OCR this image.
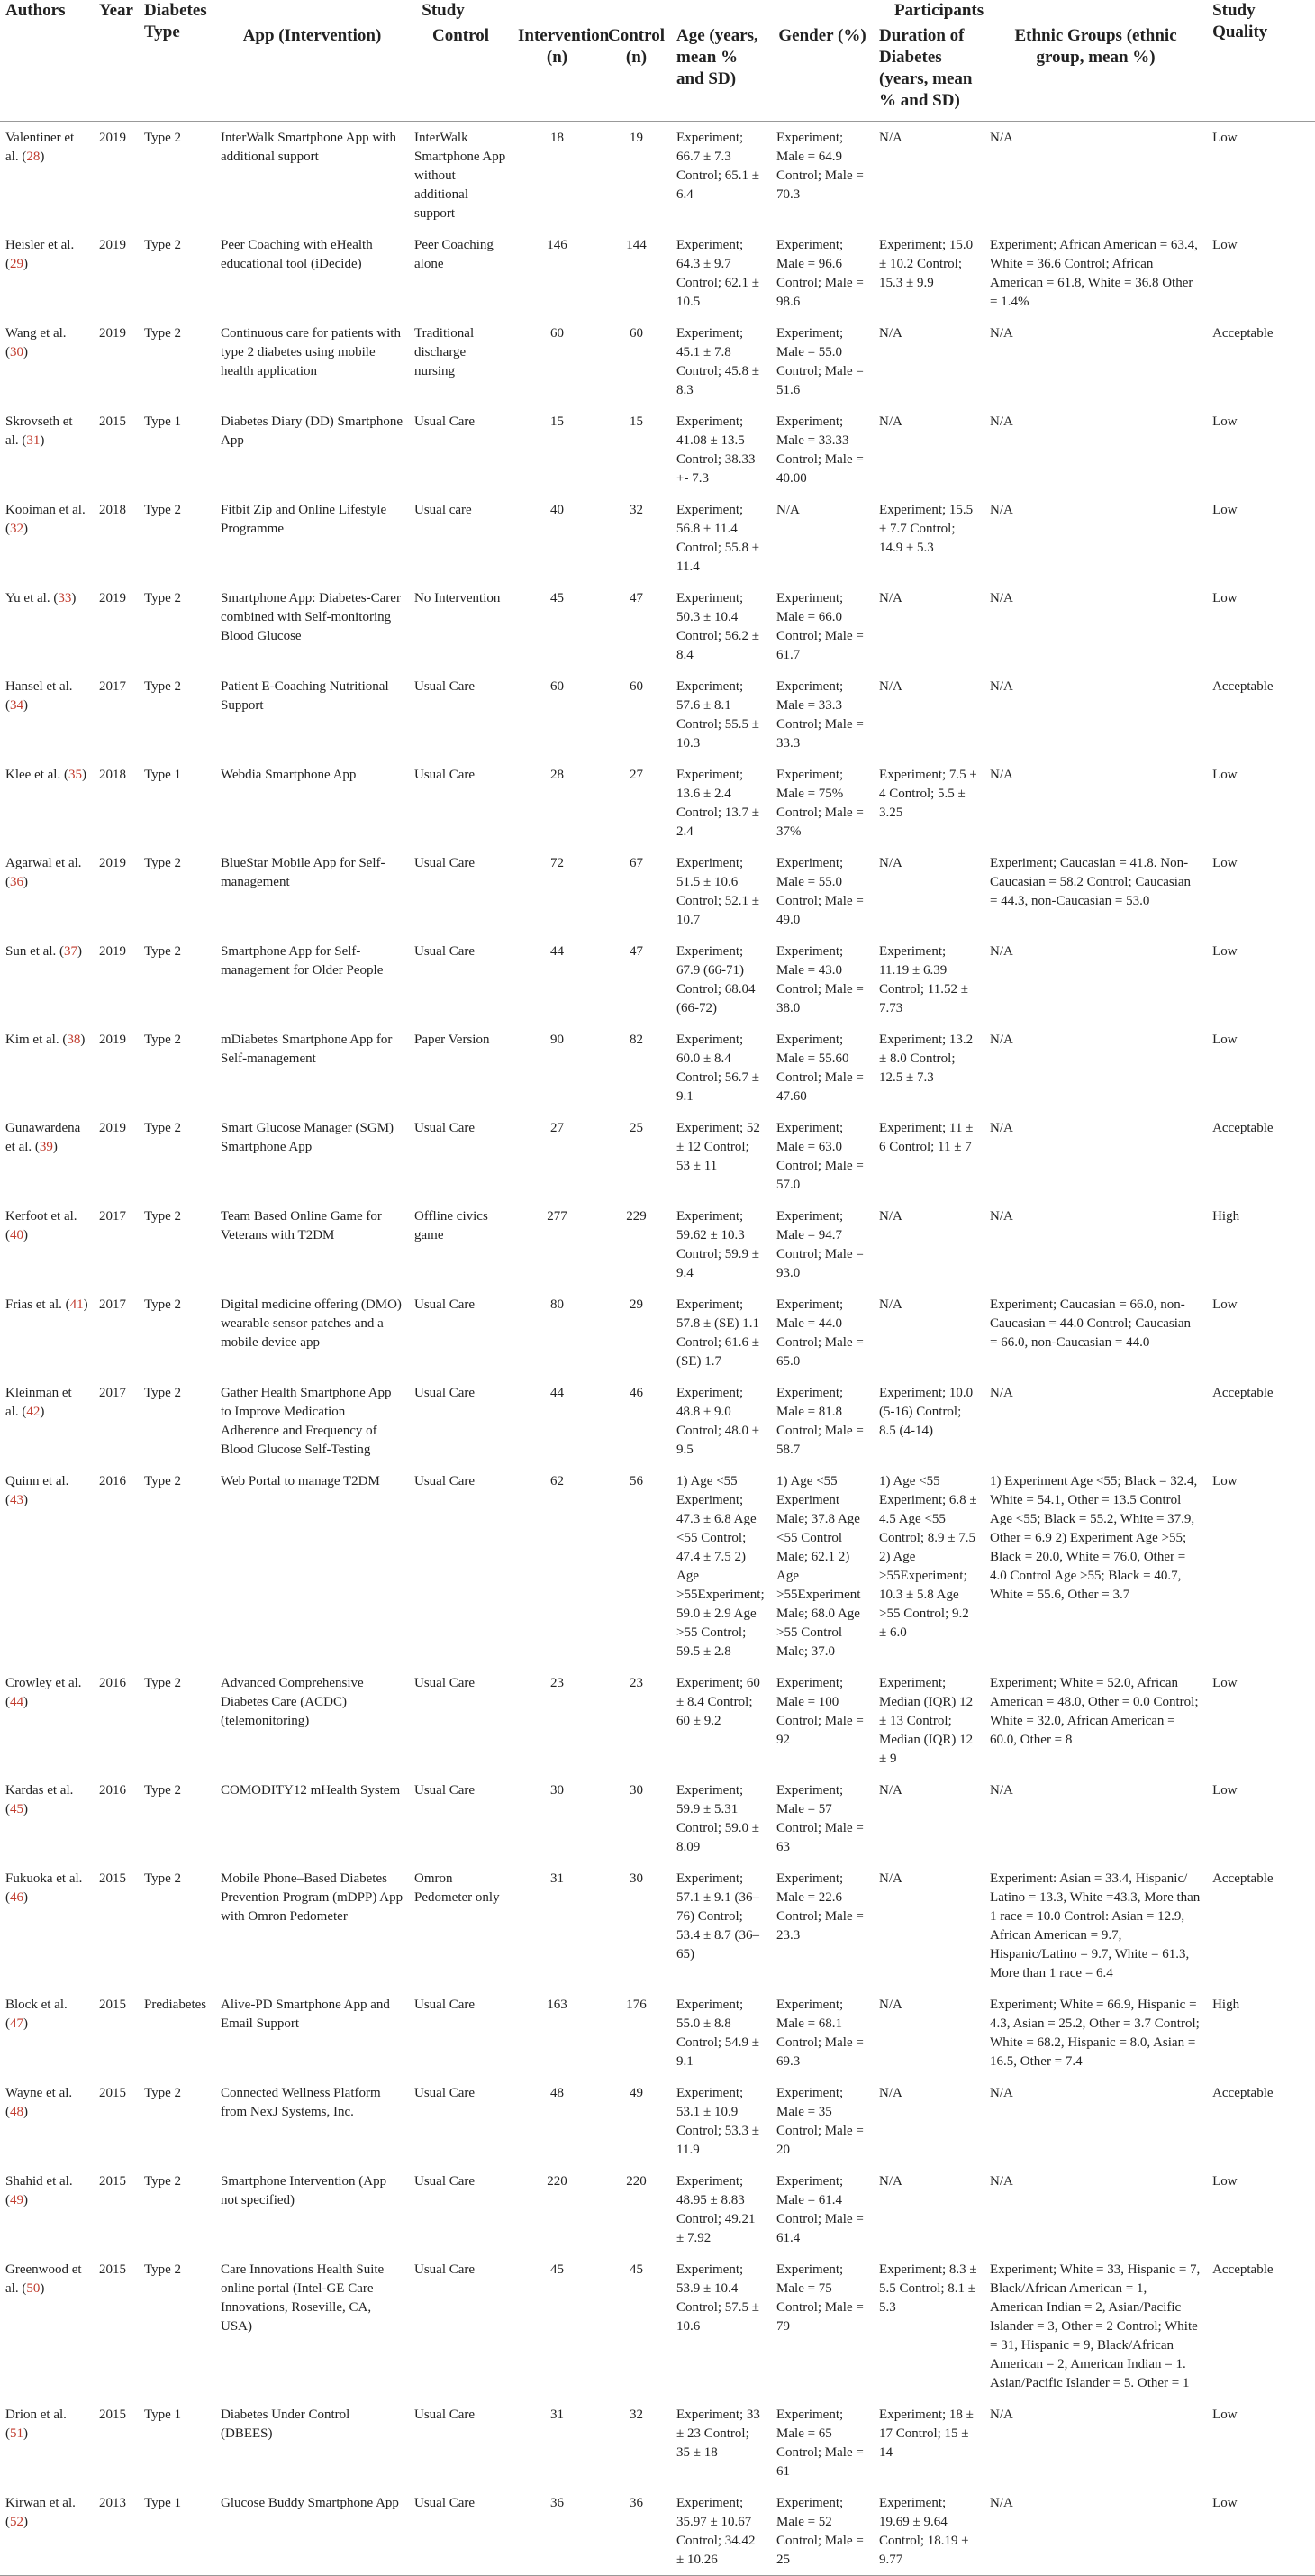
Authors	Year	Diabetes Type	Study				Participants				Study Quality
			App (Intervention)	Control	Intervention (n)	Control (n)	Age (years, mean % and SD)	Gender (%)	Duration of Diabetes (years, mean % and SD)	Ethnic Groups (ethnic group, mean %)	
Valentiner et al. (28)	2019	Type 2	InterWalk Smartphone App with additional support	InterWalk Smartphone App without additional support	18	19	Experiment; 66.7 ± 7.3 Control; 65.1 ± 6.4	Experiment; Male = 64.9 Control; Male = 70.3	N/A	N/A	Low
Heisler et al. (29)	2019	Type 2	Peer Coaching with eHealth educational tool (iDecide)	Peer Coaching alone	146	144	Experiment; 64.3 ± 9.7 Control; 62.1 ± 10.5	Experiment; Male = 96.6 Control; Male = 98.6	Experiment; 15.0 ± 10.2 Control; 15.3 ± 9.9	Experiment; African American = 63.4, White = 36.6 Control; African American = 61.8, White = 36.8 Other = 1.4%	Low
Wang et al. (30)	2019	Type 2	Continuous care for patients with type 2 diabetes using mobile health application	Traditional discharge nursing	60	60	Experiment; 45.1 ± 7.8 Control; 45.8 ± 8.3	Experiment; Male = 55.0 Control; Male = 51.6	N/A	N/A	Acceptable
Skrovseth et al. (31)	2015	Type 1	Diabetes Diary (DD) Smartphone App	Usual Care	15	15	Experiment; 41.08 ± 13.5 Control; 38.33 +- 7.3	Experiment; Male = 33.33 Control; Male = 40.00	N/A	N/A	Low
Kooiman et al. (32)	2018	Type 2	Fitbit Zip and Online Lifestyle Programme	Usual care	40	32	Experiment; 56.8 ± 11.4 Control; 55.8 ± 11.4	N/A	Experiment; 15.5 ± 7.7 Control; 14.9 ± 5.3	N/A	Low
Yu et al. (33)	2019	Type 2	Smartphone App: Diabetes-Carer combined with Self-monitoring Blood Glucose	No Intervention	45	47	Experiment; 50.3 ± 10.4 Control; 56.2 ± 8.4	Experiment; Male = 66.0 Control; Male = 61.7	N/A	N/A	Low
Hansel et al. (34)	2017	Type 2	Patient E-Coaching Nutritional Support	Usual Care	60	60	Experiment; 57.6 ± 8.1 Control; 55.5 ± 10.3	Experiment; Male = 33.3 Control; Male = 33.3	N/A	N/A	Acceptable
Klee et al. (35)	2018	Type 1	Webdia Smartphone App	Usual Care	28	27	Experiment; 13.6 ± 2.4 Control; 13.7 ± 2.4	Experiment; Male = 75% Control; Male = 37%	Experiment; 7.5 ± 4 Control; 5.5 ± 3.25	N/A	Low
Agarwal et al. (36)	2019	Type 2	BlueStar Mobile App for Self-management	Usual Care	72	67	Experiment; 51.5 ± 10.6 Control; 52.1 ± 10.7	Experiment; Male = 55.0 Control; Male = 49.0	N/A	Experiment; Caucasian = 41.8. Non-Caucasian = 58.2 Control; Caucasian = 44.3, non-Caucasian = 53.0	Low
Sun et al. (37)	2019	Type 2	Smartphone App for Self-management for Older People	Usual Care	44	47	Experiment; 67.9 (66-71) Control; 68.04 (66-72)	Experiment; Male = 43.0 Control; Male = 38.0	Experiment; 11.19 ± 6.39 Control; 11.52 ± 7.73	N/A	Low
Kim et al. (38)	2019	Type 2	mDiabetes Smartphone App for Self-management	Paper Version	90	82	Experiment; 60.0 ± 8.4 Control; 56.7 ± 9.1	Experiment; Male = 55.60 Control; Male = 47.60	Experiment; 13.2 ± 8.0 Control; 12.5 ± 7.3	N/A	Low
Gunawardena et al. (39)	2019	Type 2	Smart Glucose Manager (SGM) Smartphone App	Usual Care	27	25	Experiment; 52 ± 12 Control; 53 ± 11	Experiment; Male = 63.0 Control; Male = 57.0	Experiment; 11 ± 6 Control; 11 ± 7	N/A	Acceptable
Kerfoot et al. (40)	2017	Type 2	Team Based Online Game for Veterans with T2DM	Offline civics game	277	229	Experiment; 59.62 ± 10.3 Control; 59.9 ± 9.4	Experiment; Male = 94.7 Control; Male = 93.0	N/A	N/A	High
Frias et al. (41)	2017	Type 2	Digital medicine offering (DMO) wearable sensor patches and a mobile device app	Usual Care	80	29	Experiment; 57.8 ± (SE) 1.1 Control; 61.6 ± (SE) 1.7	Experiment; Male = 44.0 Control; Male = 65.0	N/A	Experiment; Caucasian = 66.0, non-Caucasian = 44.0 Control; Caucasian = 66.0, non-Caucasian = 44.0	Low
Kleinman et al. (42)	2017	Type 2	Gather Health Smartphone App to Improve Medication Adherence and Frequency of Blood Glucose Self-Testing	Usual Care	44	46	Experiment; 48.8 ± 9.0 Control; 48.0 ± 9.5	Experiment; Male = 81.8 Control; Male = 58.7	Experiment; 10.0 (5-16) Control; 8.5 (4-14)	N/A	Acceptable
Quinn et al. (43)	2016	Type 2	Web Portal to manage T2DM	Usual Care	62	56	1) Age <55 Experiment; 47.3 ± 6.8 Age <55 Control; 47.4 ± 7.5 2) Age >55Experiment; 59.0 ± 2.9 Age >55 Control; 59.5 ± 2.8	1) Age <55 Experiment Male; 37.8 Age <55 Control Male; 62.1 2) Age >55Experiment Male; 68.0 Age >55 Control Male; 37.0	1) Age <55 Experiment; 6.8 ± 4.5 Age <55 Control; 8.9 ± 7.5 2) Age >55Experiment; 10.3 ± 5.8 Age >55 Control; 9.2 ± 6.0	1) Experiment Age <55; Black = 32.4, White = 54.1, Other = 13.5 Control Age <55; Black = 55.2, White = 37.9, Other = 6.9 2) Experiment Age >55; Black = 20.0, White = 76.0, Other = 4.0 Control Age >55; Black = 40.7, White = 55.6, Other = 3.7	Low
Crowley et al. (44)	2016	Type 2	Advanced Comprehensive Diabetes Care (ACDC) (telemonitoring)	Usual Care	23	23	Experiment; 60 ± 8.4 Control; 60 ± 9.2	Experiment; Male = 100 Control; Male = 92	Experiment; Median (IQR) 12 ± 13 Control; Median (IQR) 12 ± 9	Experiment; White = 52.0, African American = 48.0, Other = 0.0 Control; White = 32.0, African American = 60.0, Other = 8	Low
Kardas et al. (45)	2016	Type 2	COMODITY12 mHealth System	Usual Care	30	30	Experiment; 59.9 ± 5.31 Control; 59.0 ± 8.09	Experiment; Male = 57 Control; Male = 63	N/A	N/A	Low
Fukuoka et al. (46)	2015	Type 2	Mobile Phone–Based Diabetes Prevention Program (mDPP) App with Omron Pedometer	Omron Pedometer only	31	30	Experiment; 57.1 ± 9.1 (36–76) Control; 53.4 ± 8.7 (36–65)	Experiment; Male = 22.6 Control; Male = 23.3	N/A	Experiment: Asian = 33.4, Hispanic/ Latino = 13.3, White =43.3, More than 1 race = 10.0 Control: Asian = 12.9, African American = 9.7, Hispanic/Latino = 9.7, White = 61.3, More than 1 race = 6.4	Acceptable
Block et al. (47)	2015	Prediabetes	Alive-PD Smartphone App and Email Support	Usual Care	163	176	Experiment; 55.0 ± 8.8 Control; 54.9 ± 9.1	Experiment; Male = 68.1 Control; Male = 69.3	N/A	Experiment; White = 66.9, Hispanic = 4.3, Asian = 25.2, Other = 3.7 Control; White = 68.2, Hispanic = 8.0, Asian = 16.5, Other = 7.4	High
Wayne et al. (48)	2015	Type 2	Connected Wellness Platform from NexJ Systems, Inc.	Usual Care	48	49	Experiment; 53.1 ± 10.9 Control; 53.3 ± 11.9	Experiment; Male = 35 Control; Male = 20	N/A	N/A	Acceptable
Shahid et al. (49)	2015	Type 2	Smartphone Intervention (App not specified)	Usual Care	220	220	Experiment; 48.95 ± 8.83 Control; 49.21 ± 7.92	Experiment; Male = 61.4 Control; Male = 61.4	N/A	N/A	Low
Greenwood et al. (50)	2015	Type 2	Care Innovations Health Suite online portal (Intel-GE Care Innovations, Roseville, CA, USA)	Usual Care	45	45	Experiment; 53.9 ± 10.4 Control; 57.5 ± 10.6	Experiment; Male = 75 Control; Male = 79	Experiment; 8.3 ± 5.5 Control; 8.1 ± 5.3	Experiment; White = 33, Hispanic = 7, Black/African American = 1, American Indian = 2, Asian/Pacific Islander = 3, Other = 2 Control; White = 31, Hispanic = 9, Black/African American = 2, American Indian = 1. Asian/Pacific Islander = 5. Other = 1	Acceptable
Drion et al. (51)	2015	Type 1	Diabetes Under Control (DBEES)	Usual Care	31	32	Experiment; 33 ± 23 Control; 35 ± 18	Experiment; Male = 65 Control; Male = 61	Experiment; 18 ± 17 Control; 15 ± 14	N/A	Low
Kirwan et al. (52)	2013	Type 1	Glucose Buddy Smartphone App	Usual Care	36	36	Experiment; 35.97 ± 10.67 Control; 34.42 ± 10.26	Experiment; Male = 52 Control; Male = 25	Experiment; 19.69 ± 9.64 Control; 18.19 ± 9.77	N/A	Low
